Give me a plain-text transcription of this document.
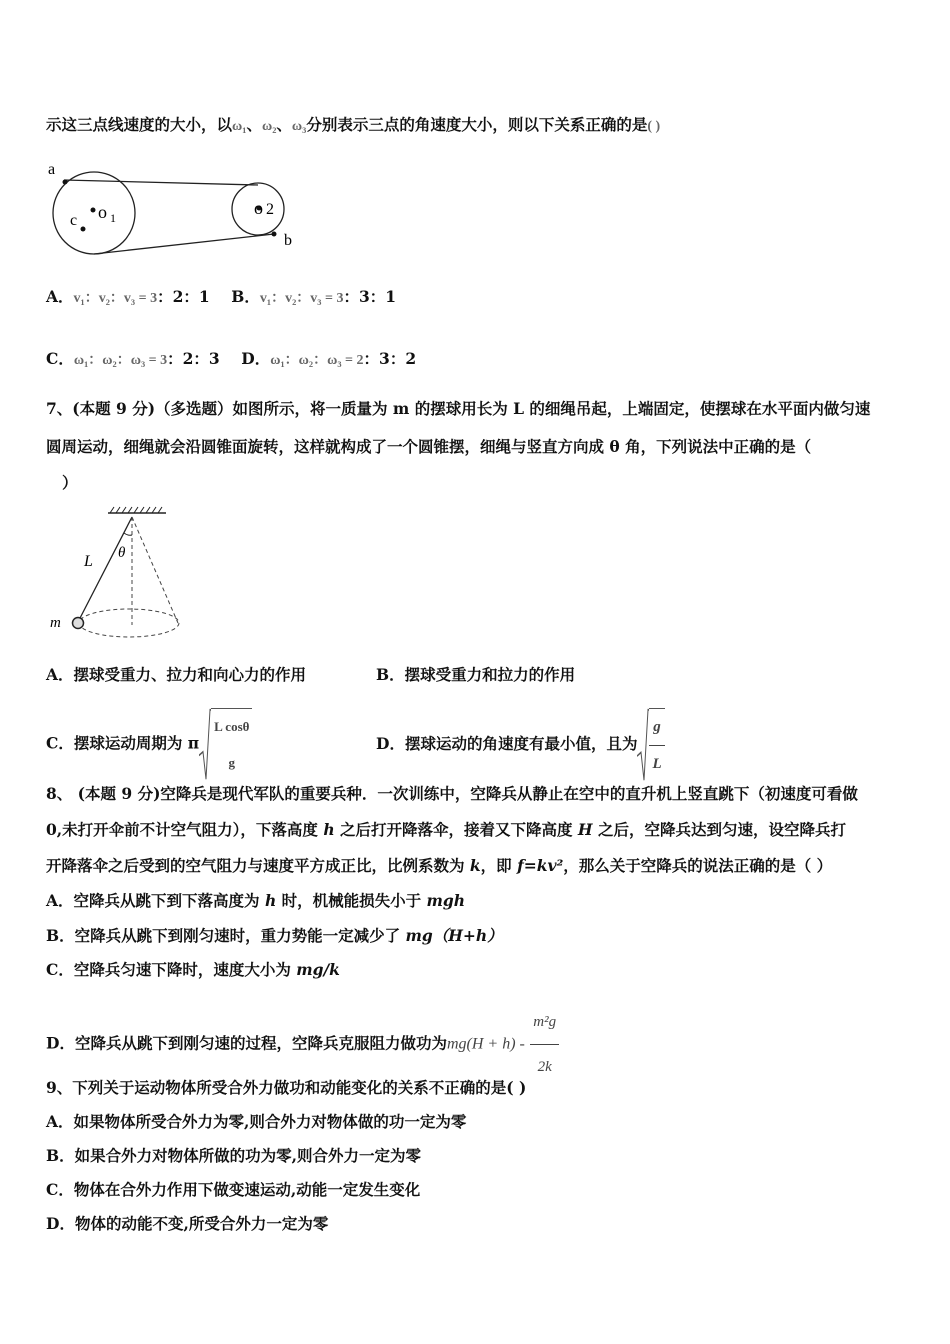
示这三点线速度的大小，以ω₁、ω₂、ω₃分别表示三点的角速度大小，则以下关系正确的是( )
a
c o 1	o 2
b
A．v₁：v₂：v₃ = 3：2：1 B．v₁：v₂：v₃ = 3：3：1
C．ω₁：ω₂：ω₃ = 3：2：3 D．ω₁：ω₂：ω₃ = 2：3：2
7、(本题 9 分)（多选题）如图所示，将一质量为 m 的摆球用长为 L 的细绳吊起，上端固定，使摆球在水平面内做匀速
圆周运动，细绳就会沿圆锥面旋转，这样就构成了一个圆锥摆，细绳与竖直方向成 θ 角，下列说法中正确的是（
）
L θ
m
A．摆球受重力、拉力和向心力的作用	B．摆球受重力和拉力的作用
C．摆球运动周期为 π
L cosθ
g
D．摆球运动的角速度有最小值，且为 $\frac{g}{L}$
8、 (本题 9 分)空降兵是现代军队的重要兵种．一次训练中，空降兵从静止在空中的直升机上竖直跳下（初速度可看做
0,未打开伞前不计空气阻力），下落高度 h 之后打开降落伞，接着又下降高度 H 之后，空降兵达到匀速，设空降兵打
开降落伞之后受到的空气阻力与速度平方成正比，比例系数为 k，即 f=kv²，那么关于空降兵的说法正确的是（ ）
A．空降兵从跳下到下落高度为 h 时，机械能损失小于 mgh
B．空降兵从跳下到刚匀速时，重力势能一定减少了 mg（H+h）
C．空降兵匀速下降时，速度大小为 mg/k
D．空降兵从跳下到刚匀速的过程，空降兵克服阻力做功为$mg(H + h) - \frac{\text{m²g}}{2k}$
9、下列关于运动物体所受合外力做功和动能变化的关系不正确的是( )
A．如果物体所受合外力为零,则合外力对物体做的功一定为零
B．如果合外力对物体所做的功为零,则合外力一定为零
C．物体在合外力作用下做变速运动,动能一定发生变化
D．物体的动能不变,所受合外力一定为零
